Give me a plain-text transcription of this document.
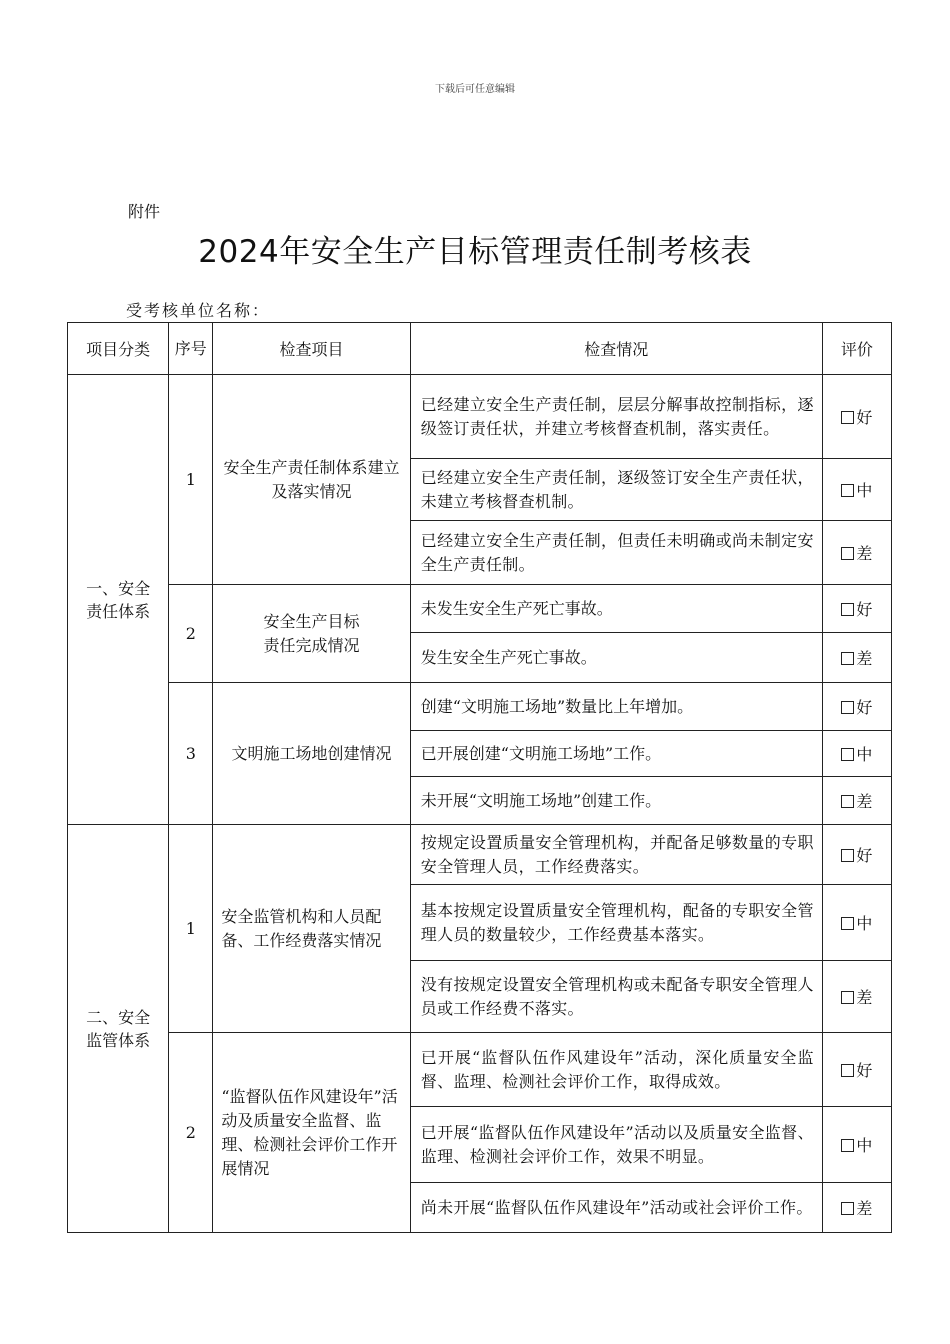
下载后可任意编辑
附件
2024年安全生产目标管理责任制考核表
受考核单位名称：
项目分类	序号	检查项目	检查情况	评价
一、安全责任体系	1	安全生产责任制体系建立及落实情况	已经建立安全生产责任制，层层分解事故控制指标，逐级签订责任状，并建立考核督查机制，落实责任。	好
			已经建立安全生产责任制，逐级签订安全生产责任状，未建立考核督查机制。	中
			已经建立安全生产责任制，但责任未明确或尚未制定安全生产责任制。	差
	2	安全生产目标
责任完成情况	未发生安全生产死亡事故。	好
			发生安全生产死亡事故。	差
	3	文明施工场地创建情况	创建“文明施工场地”数量比上年增加。	好
			已开展创建“文明施工场地”工作。	中
			未开展“文明施工场地”创建工作。	差
二、安全监管体系	1	安全监管机构和人员配备、工作经费落实情况	按规定设置质量安全管理机构，并配备足够数量的专职安全管理人员，工作经费落实。	好
			基本按规定设置质量安全管理机构，配备的专职安全管理人员的数量较少，工作经费基本落实。	中
			没有按规定设置安全管理机构或未配备专职安全管理人员或工作经费不落实。	差
	2	“监督队伍作风建设年”活动及质量安全监督、监理、检测社会评价工作开展情况	已开展“监督队伍作风建设年”活动，深化质量安全监督、监理、检测社会评价工作，取得成效。	好
			已开展“监督队伍作风建设年”活动以及质量安全监督、监理、检测社会评价工作，效果不明显。	中
			尚未开展“监督队伍作风建设年”活动或社会评价工作。	差
